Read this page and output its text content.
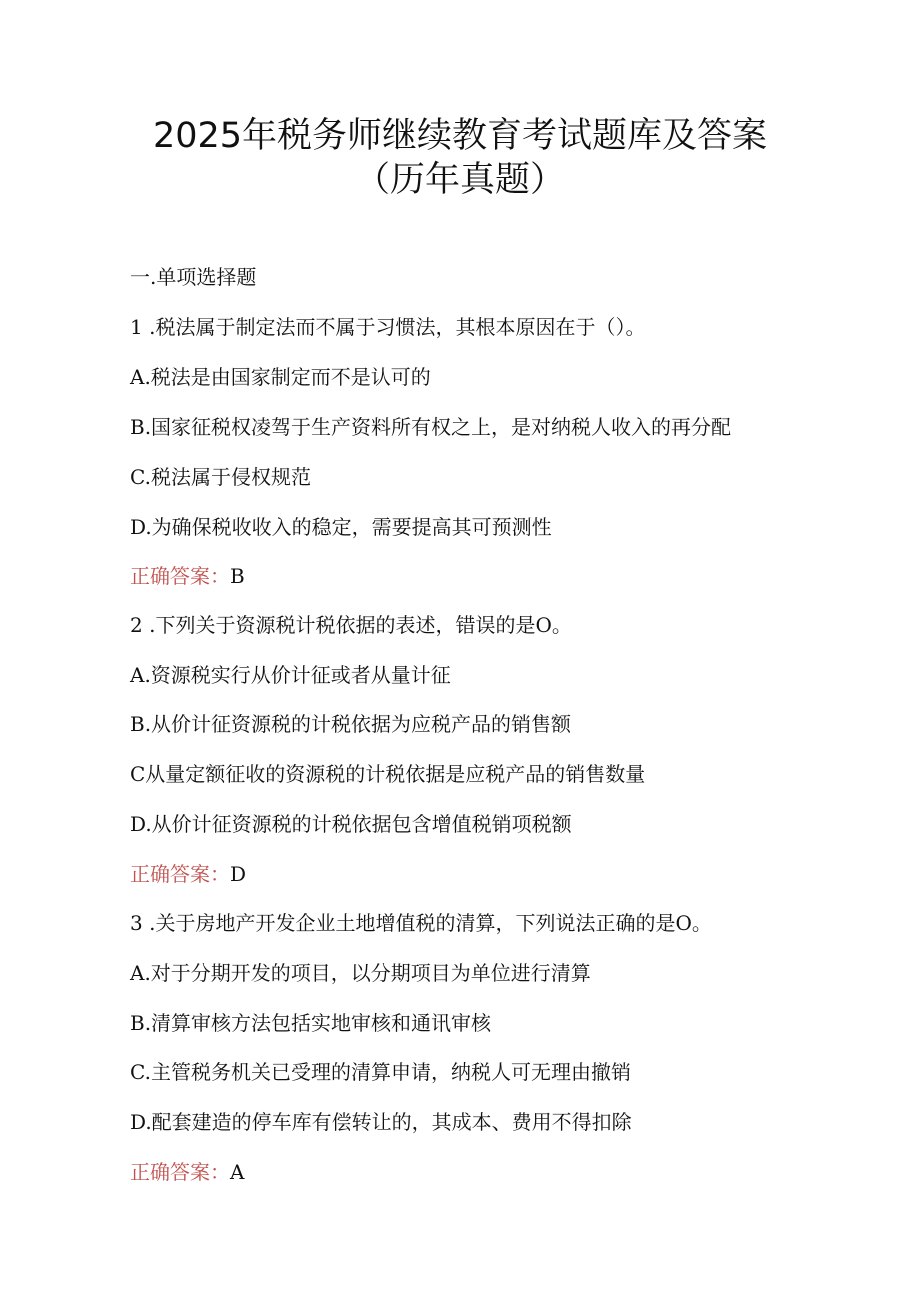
2025年税务师继续教育考试题库及答案
（历年真题）
一.单项选择题
1 .税法属于制定法而不属于习惯法，其根本原因在于（）。
A.税法是由国家制定而不是认可的
B.国家征税权凌驾于生产资料所有权之上，是对纳税人收入的再分配
C.税法属于侵权规范
D.为确保税收收入的稳定，需要提高其可预测性
正确答案：B
2 .下列关于资源税计税依据的表述，错误的是O。
A.资源税实行从价计征或者从量计征
B.从价计征资源税的计税依据为应税产品的销售额
C从量定额征收的资源税的计税依据是应税产品的销售数量
D.从价计征资源税的计税依据包含增值税销项税额
正确答案：D
3 .关于房地产开发企业土地增值税的清算，下列说法正确的是O。
A.对于分期开发的项目，以分期项目为单位进行清算
B.清算审核方法包括实地审核和通讯审核
C.主管税务机关已受理的清算申请，纳税人可无理由撤销
D.配套建造的停车库有偿转让的，其成本、费用不得扣除
正确答案：A
